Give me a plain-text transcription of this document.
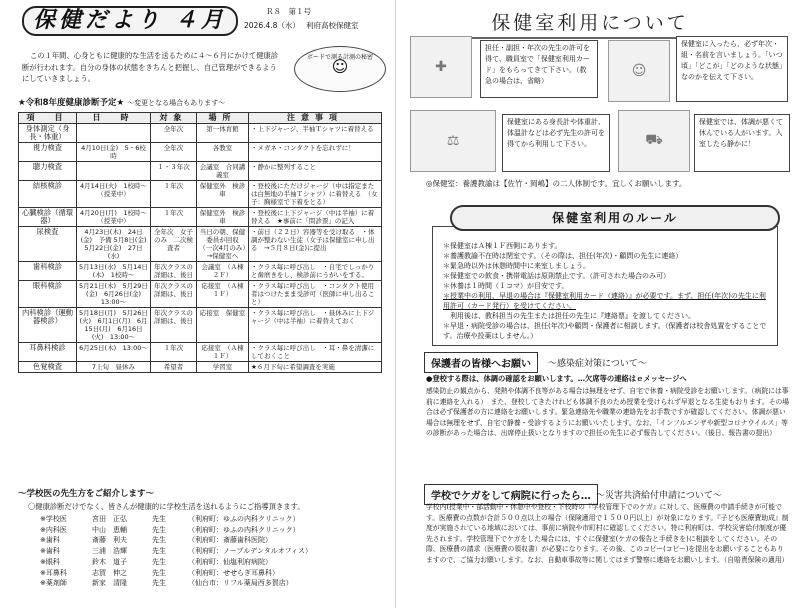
保健だより ４月	Ｒ８　第１号
2026.4.8（水） 利府高校保健室
この１年間、心身ともに健康的な生活を送るために４～６月にかけて健康診断が行われます。自分の身体の状態をきちんと把握し、自己管理ができるようにしていきましょう。
ボードで測る計測の秘密
☺
★令和8年度健康診断予定★ ～変更となる場合もあります～
項　目	日　時	対象	場所	注意事項
身体測定（身長・体重）		全年次	第一体育館	・上下ジャージ、半袖Ｔシャツに着替える
視力検査	4月10日(金)　5・6校時	全年次	各教室	・メガネ・コンタクトを忘れずに！
聴力検査		１・３年次	会議室　合同講義室	・静かに整列すること
結核検診	4月14日(火)　1校時～　（授業中）	１年次	保健室外　検診車	・登校後にただけジャージ（中は指定または白無地の半袖Ｔシャツ）に着替える　（女子：胸様室で下着をとる）
心臓検診（循環器）	4月20日(月)　1校時～　（授業中）	１年次	保健室外　検診車	・登校後に上下ジャージ（中は半袖）に着替える　★事前に「問診票」の記入
尿検査	4月23日(木)　24日(金)　予備 5月8日(金)　5月22日(金)　27日(水)	全年次　女子のみ　二次検査者	当日の朝、保健委員が回収　（一次4月のみ）→保健室へ	・前日（２２日）容器等を受け取る　・体調が整わない生徒（女子は保健室に申し出る　→５月８日(金)に提出
歯科検診	5月13日(水)　5月14日(木)　1校時～	年次クラスの詳細は、後日	会議室　（Ａ棟２Ｆ）	・クラス毎に呼び出し　・自宅でしっかりと歯磨きをし、検診前にうがいをする。
眼科検診	5月21日(木)　5月29日(金)　6月26日(金)　13:00～	年次クラスの詳細は、後日	応接室　（Ａ棟１Ｆ）	・クラス毎に呼び出し　・コンタクト使用者はつけたまま受診可（医師に申し出ること）
内科検診（運動器検診）	5月18日(月)　5月26日(火)　6月1日(月)　6月15日(月)　6月16日(火)　13:00～	年次クラスの詳細は、後日	応接室　保健室	・クラス毎に呼び出し　・昼休みに上下ジャージ（中は半袖）に着替えておく
耳鼻科検診	6月25日(木)　13:00～	１年次	応接室　（Ａ棟１Ｆ）	・クラス毎に呼び出し　・耳・鼻を清潔にしておくこと
色覚検査	7上旬　昼休み	希望者	学習室	★６月下旬に希望調査を実施
～学校医の先生方をご紹介します～
〇健康診断だけでなく、皆さんが健康的に学校生活を送れるようにご指導頂きます。
※学校医	宮田　正弘	先生	（利府町：ゆふの内科クリニック）
※内科医	中山　恵輔	先生	（利府町：ゆふの内科クリニック）
※歯科	斎藤　利夫	先生	（利府町：斎藤歯科医院）
※歯科	三浦　浩輝	先生	（利府町：ノーブルデンタルオフィス）
※眼科	鈴木　道子	先生	（利府町：仙塩利府病院）
※耳鼻科	志賀　伸之	先生	（利府町：せせらぎ耳鼻科）
※薬剤師	新家　清隆	先生	（仙台市：リフル薬局西多賀店）
保健室利用について
✚
担任・副担・年次の先生の許可を得て、職員室で「保健室利用カード」をもらってきて下さい。（救急の場合は、省略）
保健室に入ったら、必ず年次・組・名前を言いましょう。「いつ頃」「どこが」「どのような状態」なのかを伝えて下さい。
☺
⚖
保健室にある身長計や体重計、体温計などは必ず先生の許可を得てから利用して下さい。	⛟
保健室では、体調が悪くて休んでいる人がいます。入室したら静かに！
◎保健室：養護教諭は【佐竹・岡嶋】の二人体制です。宜しくお願いします。
＊保健室はＡ棟１Ｆ西側にあります。
＊養護教諭不在時は閉室です。（その際は、担任(年次)・顧問の先生に連絡）
＊緊急時以外は休憩時間中に来室しましょう。
＊保健室での飲食・携帯電話は原則禁止です。（許可された場合のみ可）
＊休養は１時間（１コマ）が目安です。
＊授業中の利用、早退の場合は『保健室利用カード（連絡）』が必要です。まず、担任(年次)の先生に利用許可（カード発行）を受けてください。
　利用後は、教科担当の先生または担任の先生に『連絡票』を渡してください。
＊早退・病院受診の場合は、担任(年次)や顧問・保護者に相談します。（保護者は校舎処置をすることです。治療や投薬はしません。）
保健室利用のルール
保護者の皆様へお願い	～感染症対策について～
●登校する際は、体調の確認をお願いします。…欠席等の連絡はｅメッセージへ
感染防止の観点から、発熱や体調不良等がある場合は無理をせず、自宅で休養・病院受診をお願いします。（病院には事前に連絡を入れる）　また、登校してきたけれども体調不良のため授業を受けられず早退となる生徒もおります。その場合は必ず保護者の方に連絡をお願いします。緊急連絡先や職業の連絡先をお手数ですが確認してください。体調が悪い場合は無理をせず、自宅で静養・受診するようにお願いいたします。なお、「インフルエンザや新型コロナウイルス」等の診断があった場合は、出席停止扱いとなりますので担任の先生に必ず報告してください。（後日、報告書の提出）
学校でケガをして病院に行ったら… ～災害共済給付申請について～
学校内(授業中・部活動中・休憩中や登校・下校時の『学校管理下でのケガ』に対して、医療費の申請手続きが可能です。医療費の点数が合計５００点以上の場合（保険適用で１５００円以上）が対象になります。『子ども医療費助成』制度が実施されている地域においては、事前に病院や市町村に確認してください。特に利府町は、学校災害給付制度が優先されます。学校管理下でケガをした場合には、すぐに保健室(ケガの報告と手続きを)に相談をしてください。その際、医療費の請求（医療費の領収書）が必要になります。その後、このコピー(コピー)を提出をお願いすることもありますので、ご協力お願いします。なお、自動車事故等に関してはまず警察に連絡をお願いします。（自賠責保険の適用）
